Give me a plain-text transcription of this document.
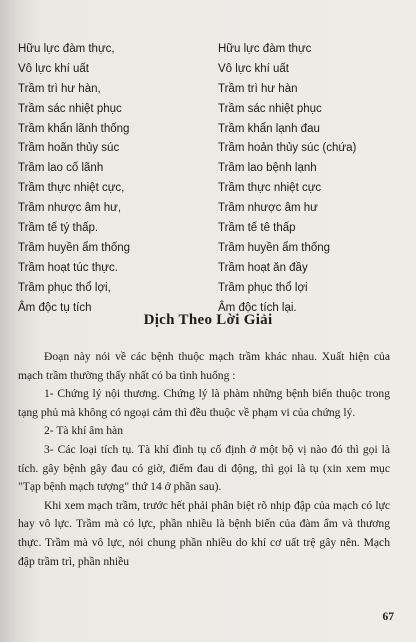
Hữu lực đàm thực,
Vô lực khí uất
Trầm trì hư hàn,
Trầm sác nhiệt phục
Trầm khẩn lãnh thống
Trầm hoãn thủy súc
Trầm lao cố lãnh
Trầm thực nhiệt cực,
Trầm nhược âm hư,
Trầm tế tý thấp.
Trầm huyền ẩm thống
Trầm hoạt túc thực.
Trầm phục thổ lợi,
Âm độc tụ tích
Hữu lực đàm thực
Vô lực khí uất
Trầm trì hư hàn
Trầm sác nhiệt phục
Trầm khẩn lạnh đau
Trầm hoản thủy súc (chứa)
Trầm lao bệnh lạnh
Trầm thực nhiệt cực
Trầm nhược âm hư
Trầm tế tê thấp
Trầm huyền ẩm thống
Trầm hoạt ăn đầy
Trầm phục thổ lợi
Âm độc tích lại.
Dịch Theo Lời Giải

Đoạn này nói về các bệnh thuộc mạch trầm khác nhau. Xuất hiện của mạch trầm thường thấy nhất có ba tình huống :

1- Chứng lý nội thương. Chứng lý là phàm những bệnh biến thuộc trong tạng phủ mà không có ngoại cảm thì đều thuộc về phạm vi của chứng lý.

2- Tà khí âm hàn

3- Các loại tích tụ. Tà khí đình tụ cố định ở một bộ vị nào đó thì gọi là tích. gây bệnh gây đau có giờ, điểm đau di động, thì gọi là tụ (xin xem mục "Tạp bệnh mạch tượng" thứ 14 ở phần sau).

Khi xem mạch trầm, trước hết phải phân biệt rõ nhịp đập của mạch có lực hay vô lực. Trầm mà có lực, phần nhiều là bệnh biến của đàm ẩm và thương thực. Trầm mà vô lực, nói chung phần nhiều do khí cơ uất trệ gây nên. Mạch đập trầm trì, phần nhiều

67
